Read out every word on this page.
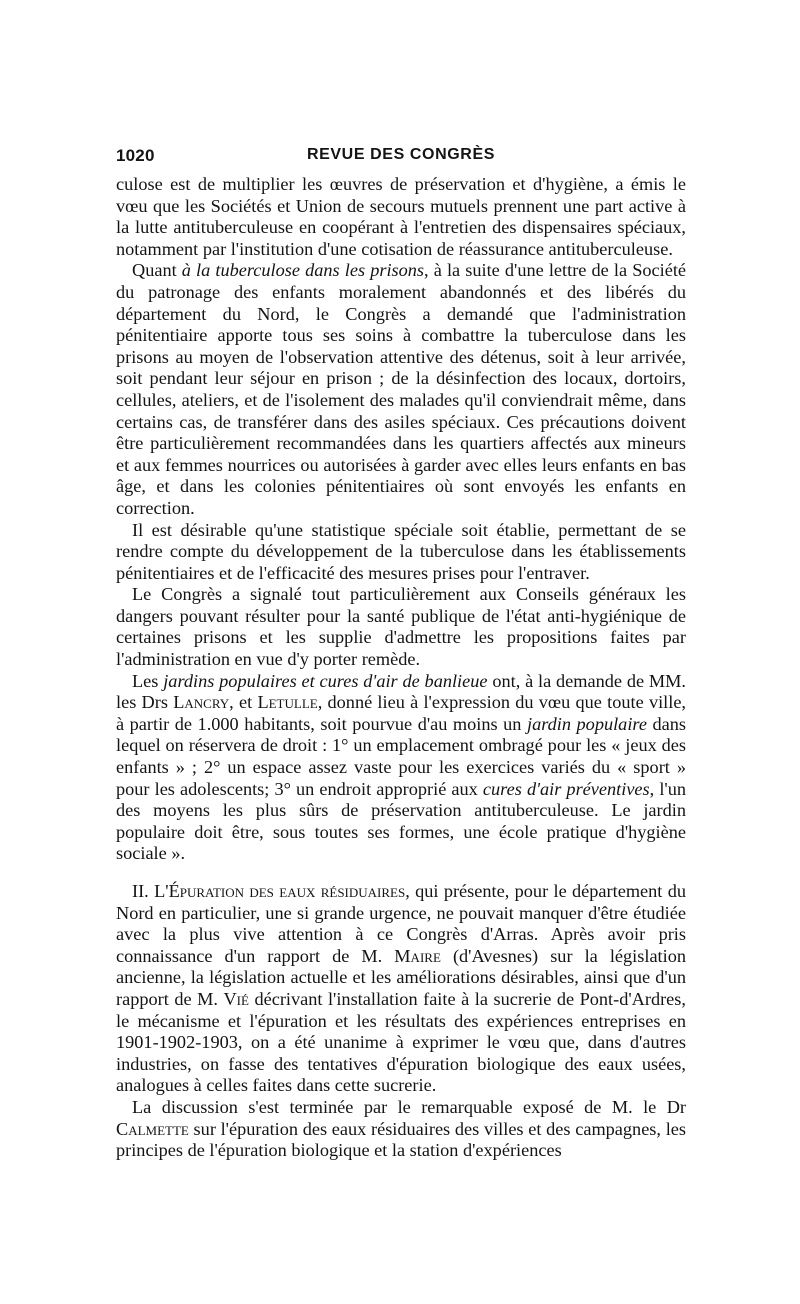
1020	REVUE DES CONGRÈS

culose est de multiplier les œuvres de préservation et d'hygiène, a émis le vœu que les Sociétés et Union de secours mutuels prennent une part active à la lutte antituberculeuse en coopérant à l'entretien des dispensaires spéciaux, notamment par l'institution d'une cotisation de réassurance antituberculeuse.

Quant à la tuberculose dans les prisons, à la suite d'une lettre de la Société du patronage des enfants moralement abandonnés et des libérés du département du Nord, le Congrès a demandé que l'administration pénitentiaire apporte tous ses soins à combattre la tuberculose dans les prisons au moyen de l'observation attentive des détenus, soit à leur arrivée, soit pendant leur séjour en prison ; de la désinfection des locaux, dortoirs, cellules, ateliers, et de l'isolement des malades qu'il conviendrait même, dans certains cas, de transférer dans des asiles spéciaux. Ces précautions doivent être particulièrement recommandées dans les quartiers affectés aux mineurs et aux femmes nourrices ou autorisées à garder avec elles leurs enfants en bas âge, et dans les colonies pénitentiaires où sont envoyés les enfants en correction.

Il est désirable qu'une statistique spéciale soit établie, permettant de se rendre compte du développement de la tuberculose dans les établissements pénitentiaires et de l'efficacité des mesures prises pour l'entraver.

Le Congrès a signalé tout particulièrement aux Conseils généraux les dangers pouvant résulter pour la santé publique de l'état anti-hygiénique de certaines prisons et les supplie d'admettre les propositions faites par l'administration en vue d'y porter remède.

Les jardins populaires et cures d'air de banlieue ont, à la demande de MM. les Drs Lancry, et Letulle, donné lieu à l'expression du vœu que toute ville, à partir de 1.000 habitants, soit pourvue d'au moins un jardin populaire dans lequel on réservera de droit : 1° un emplacement ombragé pour les « jeux des enfants » ; 2° un espace assez vaste pour les exercices variés du « sport » pour les adolescents; 3° un endroit approprié aux cures d'air préventives, l'un des moyens les plus sûrs de préservation antituberculeuse. Le jardin populaire doit être, sous toutes ses formes, une école pratique d'hygiène sociale ».

II. L'Épuration des eaux résiduaires, qui présente, pour le département du Nord en particulier, une si grande urgence, ne pouvait manquer d'être étudiée avec la plus vive attention à ce Congrès d'Arras. Après avoir pris connaissance d'un rapport de M. Maire (d'Avesnes) sur la législation ancienne, la législation actuelle et les améliorations désirables, ainsi que d'un rapport de M. Vié décrivant l'installation faite à la sucrerie de Pont-d'Ardres, le mécanisme et l'épuration et les résultats des expériences entreprises en 1901-1902-1903, on a été unanime à exprimer le vœu que, dans d'autres industries, on fasse des tentatives d'épuration biologique des eaux usées, analogues à celles faites dans cette sucrerie.

La discussion s'est terminée par le remarquable exposé de M. le Dr Calmette sur l'épuration des eaux résiduaires des villes et des campagnes, les principes de l'épuration biologique et la station d'expériences
